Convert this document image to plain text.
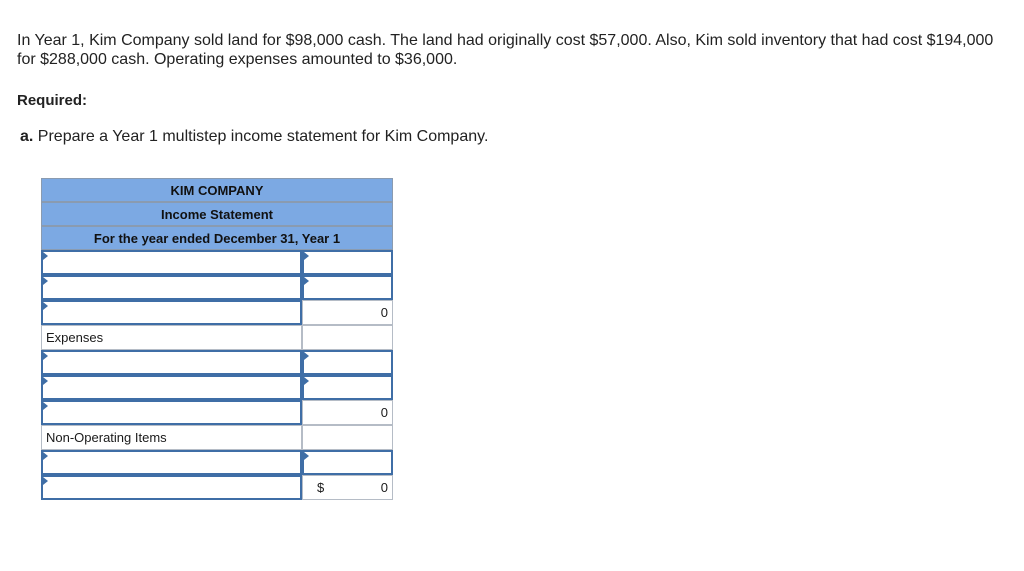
In Year 1, Kim Company sold land for $98,000 cash. The land had originally cost $57,000. Also, Kim sold inventory that had cost $194,000 for $288,000 cash. Operating expenses amounted to $36,000.
Required:
a. Prepare a Year 1 multistep income statement for Kim Company.
KIM COMPANY
Income Statement
For the year ended December 31, Year 1
0
Expenses
0
Non-Operating Items
$	0
